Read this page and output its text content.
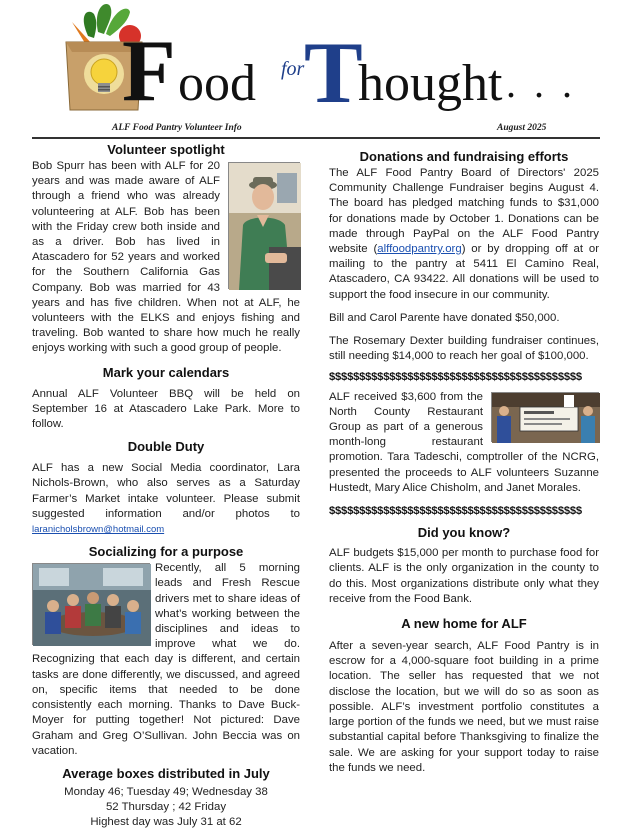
F ood for T
hought . . .
ALF Food Pantry Volunteer Info	August 2025
Volunteer spotlight

Bob Spurr has been with ALF for 20 years and was made aware of ALF through a friend who was already volunteering at ALF. Bob has been with the Friday crew both inside and as a driver. Bob has lived in Atascadero for 52 years and worked for the Southern California Gas Company. Bob was married for 43 years and has five children. When not at ALF, he volunteers with the ELKS and enjoys fishing and traveling. Bob wanted to share how much he really enjoys working with such a good group of people.

Mark your calendars

Annual ALF Volunteer BBQ will be held on September 16 at Atascadero Lake Park. More to follow.

Double Duty

ALF has a new Social Media coordinator, Lara Nichols-Brown, who also serves as a Saturday Farmer’s Market intake volunteer. Please submit suggested information and/or photos to laranicholsbrown@hotmail.com

Socializing for a purpose

Recently, all 5 morning leads and Fresh Rescue drivers met to share ideas of what’s working between the disciplines and ideas to improve what we do. Recognizing that each day is different, and certain tasks are done differently, we discussed, and agreed on, specific items that needed to be done consistently each morning. Thanks to Dave Buck-Moyer for putting together! Not pictured: Dave Graham and Greg O’Sullivan. John Beccia was on vacation.

Average boxes distributed in July

Monday 46; Tuesday 49; Wednesday 38

52 Thursday ; 42 Friday

Highest day was July 31 at 62

Donations and fundraising efforts

The ALF Food Pantry Board of Directors' 2025 Community Challenge Fundraiser begins August 4. The board has pledged matching funds to $31,000 for donations made by October 1. Donations can be made through PayPal on the ALF Food Pantry website (alffoodpantry.org) or by dropping off at or mailing to the pantry at 5411 El Camino Real, Atascadero, CA 93422. All donations will be used to support the food insecure in our community.

Bill and Carol Parente have donated $50,000.

The Rosemary Dexter building fundraiser continues, still needing $14,000 to reach her goal of $100,000.

$$$$$$$$$$$$$$$$$$$$$$$$$$$$$$$$$$$$$$$$$$

ALF received $3,600 from the North County Restaurant Group as part of a generous month-long restaurant promotion. Tara Tadeschi, comptroller of the NCRG, presented the proceeds to ALF volunteers Suzanne Hustedt, Mary Alice Chisholm, and Janet Morales.

$$$$$$$$$$$$$$$$$$$$$$$$$$$$$$$$$$$$$$$$$$
Did you know?

ALF budgets $15,000 per month to purchase food for clients. ALF is the only organization in the county to do this. Most organizations distribute only what they receive from the Food Bank.

A new home for ALF

After a seven-year search, ALF Food Pantry is in escrow for a 4,000-square foot building in a prime location. The seller has requested that we not disclose the location, but we will do so as soon as possible. ALF’s investment portfolio constitutes a large portion of the funds we need, but we must raise substantial capital before Thanksgiving to finalize the sale. We are asking for your support today to raise the funds we need.
